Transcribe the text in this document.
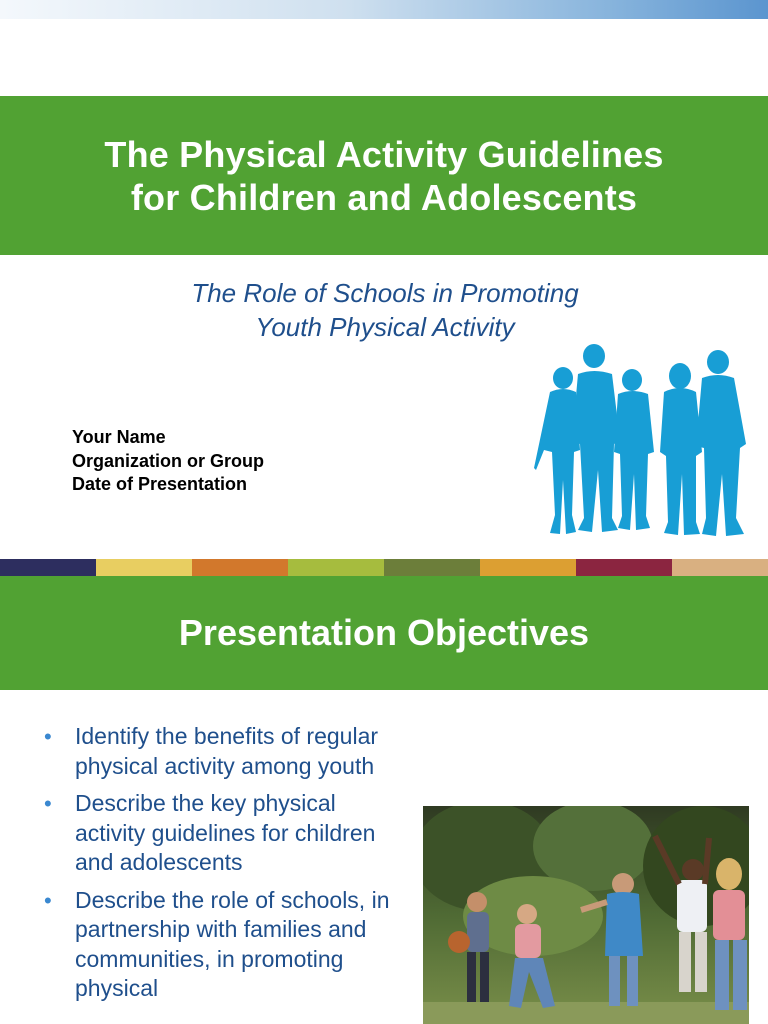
The Physical Activity Guidelines
for Children and Adolescents
The Role of Schools in Promoting
Youth Physical Activity
Your Name
Organization or Group
Date of Presentation
Presentation Objectives
• Identify the benefits of regular physical activity among youth
• Describe the key physical activity guidelines for children and adolescents
• Describe the role of schools, in partnership with families and communities, in promoting physical
